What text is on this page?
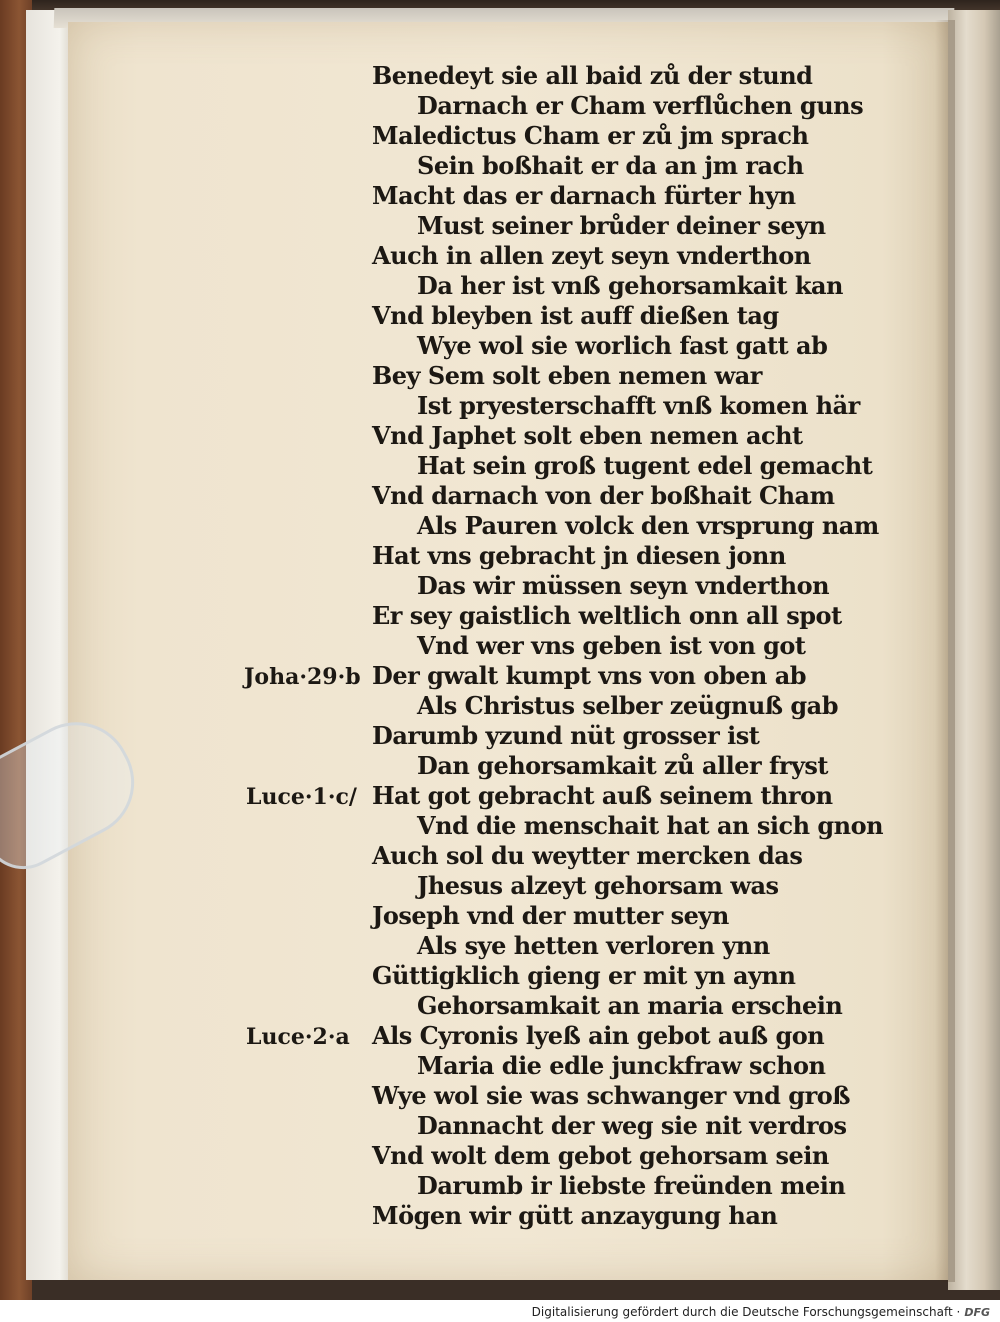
Benedeyt sie all baid zů der stund
Darnach er Cham verflůchen guns
Maledictus Cham er zů jm sprach
Sein boßhait er da an jm rach
Macht das er darnach fürter hyn
Must seiner brůder deiner seyn
Auch in allen zeyt seyn vnderthon
Da her ist vnß gehorsamkait kan
Vnd bleyben ist auff dießen tag
Wye wol sie worlich fast gatt ab
Bey Sem solt eben nemen war
Ist pryesterschafft vnß komen här
Vnd Japhet solt eben nemen acht
Hat sein groß tugent edel gemacht
Vnd darnach von der boßhait Cham
Als Pauren volck den vrsprung nam
Hat vns gebracht jn diesen jonn
Das wir müssen seyn vnderthon
Er sey gaistlich weltlich onn all spot
Vnd wer vns geben ist von got
Der gwalt kumpt vns von oben ab
Als Christus selber zeügnuß gab
Darumb yzund nüt grosser ist
Dan gehorsamkait zů aller fryst
Hat got gebracht auß seinem thron
Vnd die menschait hat an sich gnon
Auch sol du weytter mercken das
Jhesus alzeyt gehorsam was
Joseph vnd der mutter seyn
Als sye hetten verloren ynn
Güttigklich gieng er mit yn aynn
Gehorsamkait an maria erschein
Als Cyronis lyeß ain gebot auß gon
Maria die edle junckfraw schon
Wye wol sie was schwanger vnd groß
Dannacht der weg sie nit verdros
Vnd wolt dem gebot gehorsam sein
Darumb ir liebste freünden mein
Mögen wir gütt anzaygung han
Joha·29·b
Luce·1·c/
Luce·2·a
Digitalisierung gefördert durch die Deutsche Forschungsgemeinschaft · DFG
